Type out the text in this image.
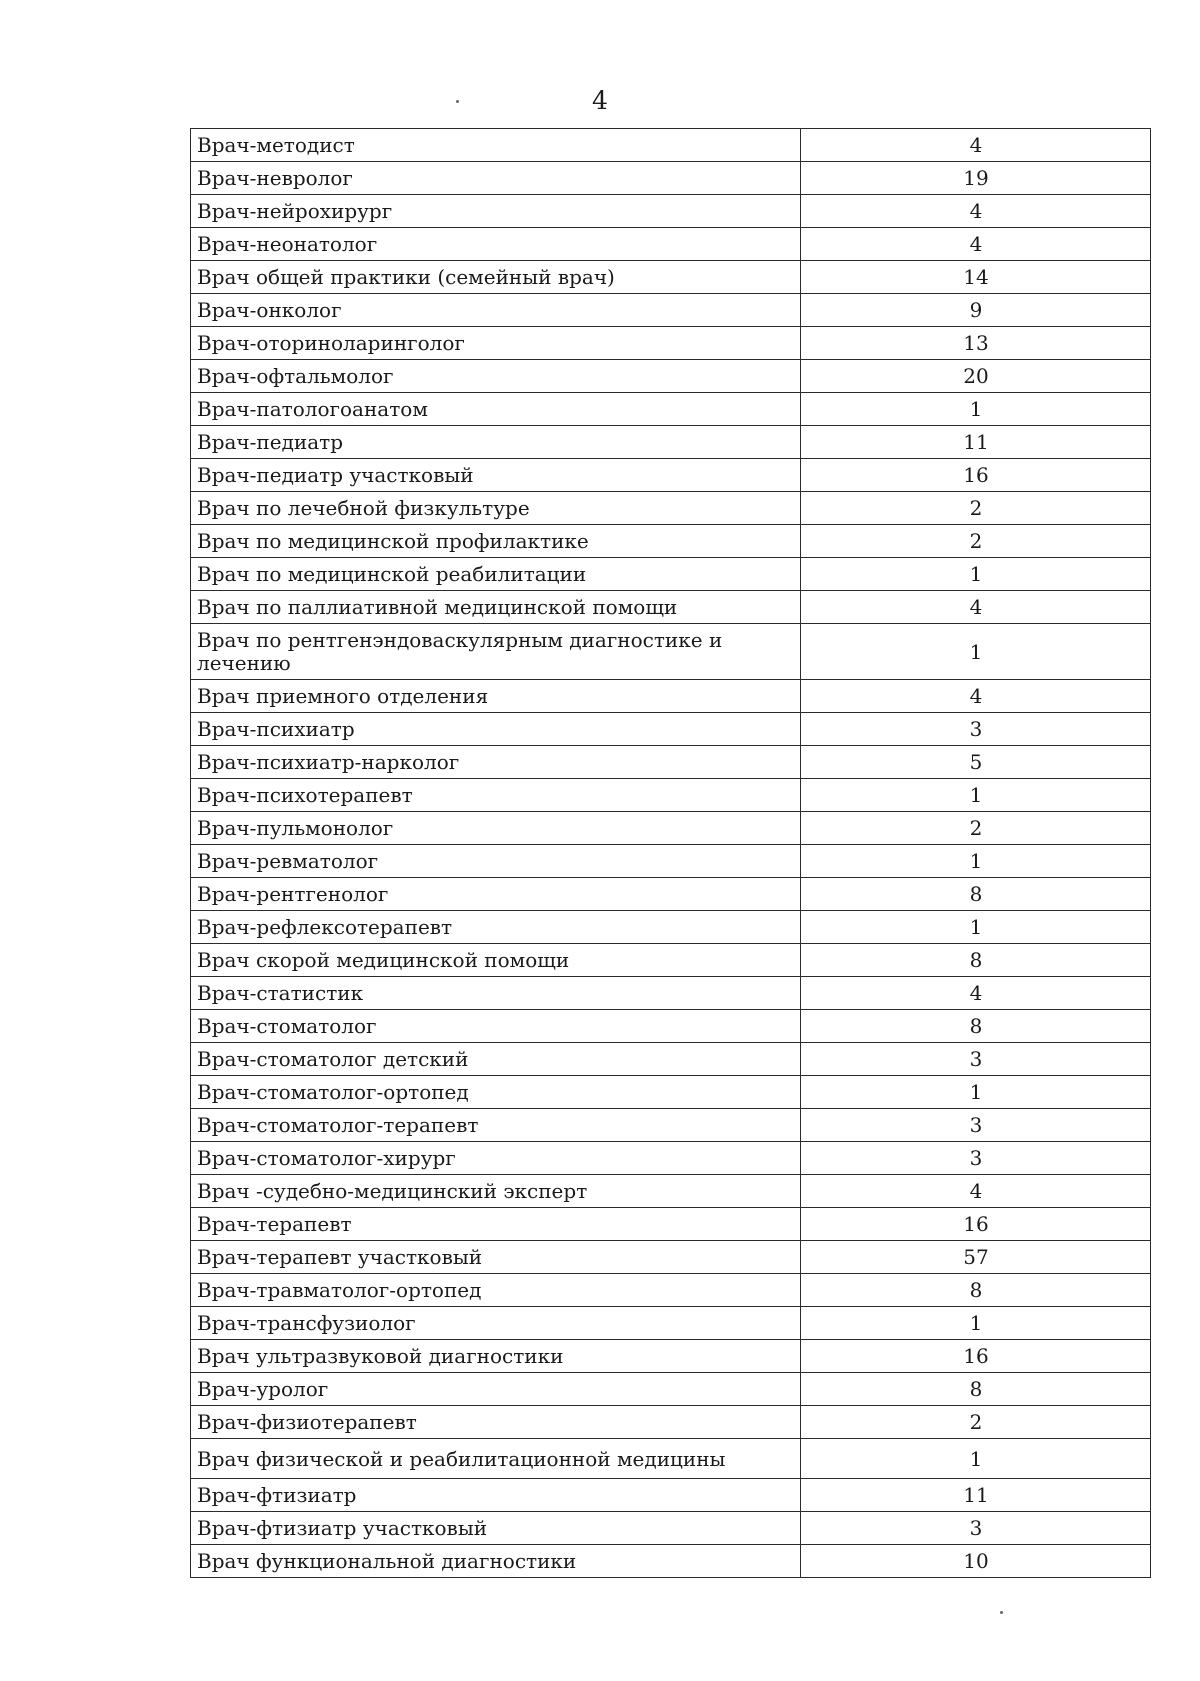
4
Врач-методист	4
Врач-невролог	19
Врач-нейрохирург	4
Врач-неонатолог	4
Врач общей практики (семейный врач)	14
Врач-онколог	9
Врач-оториноларинголог	13
Врач-офтальмолог	20
Врач-патологоанатом	1
Врач-педиатр	11
Врач-педиатр участковый	16
Врач по лечебной физкультуре	2
Врач по медицинской профилактике	2
Врач по медицинской реабилитации	1
Врач по паллиативной медицинской помощи	4
Врач по рентгенэндоваскулярным диагностике и лечению	1
Врач приемного отделения	4
Врач-психиатр	3
Врач-психиатр-нарколог	5
Врач-психотерапевт	1
Врач-пульмонолог	2
Врач-ревматолог	1
Врач-рентгенолог	8
Врач-рефлексотерапевт	1
Врач скорой медицинской помощи	8
Врач-статистик	4
Врач-стоматолог	8
Врач-стоматолог детский	3
Врач-стоматолог-ортопед	1
Врач-стоматолог-терапевт	3
Врач-стоматолог-хирург	3
Врач -судебно-медицинский эксперт	4
Врач-терапевт	16
Врач-терапевт участковый	57
Врач-травматолог-ортопед	8
Врач-трансфузиолог	1
Врач ультразвуковой диагностики	16
Врач-уролог	8
Врач-физиотерапевт	2
Врач физической и реабилитационной медицины	1
Врач-фтизиатр	11
Врач-фтизиатр участковый	3
Врач функциональной диагностики	10
